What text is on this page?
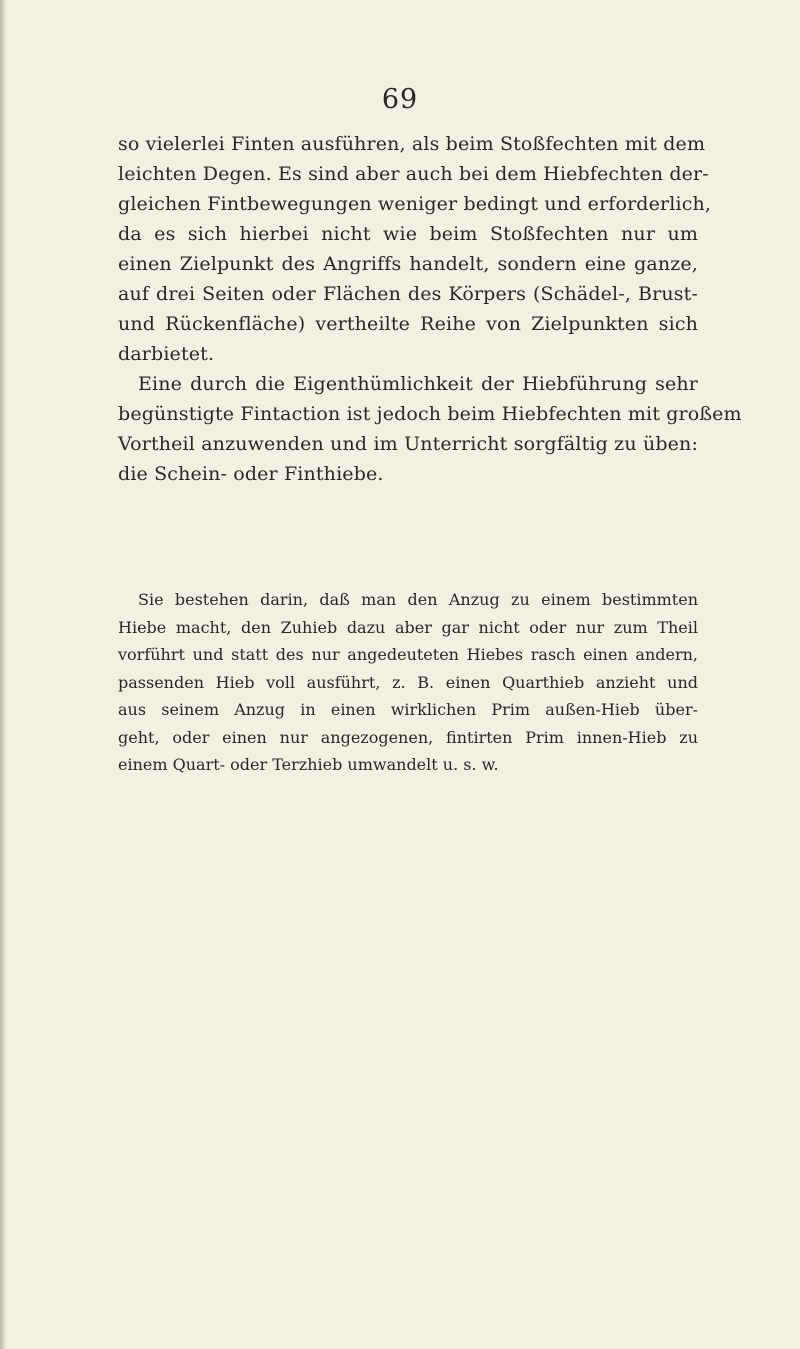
69
so vielerlei Finten ausführen, als beim Stoßfechten mit dem
leichten Degen. Es sind aber auch bei dem Hiebfechten der-
gleichen Fintbewegungen weniger bedingt und erforderlich,
da es sich hierbei nicht wie beim Stoßfechten nur um
einen Zielpunkt des Angriffs handelt, sondern eine ganze,
auf drei Seiten oder Flächen des Körpers (Schädel-, Brust-
und Rückenfläche) vertheilte Reihe von Zielpunkten sich
darbietet.
Eine durch die Eigenthümlichkeit der Hiebführung sehr
begünstigte Fintaction ist jedoch beim Hiebfechten mit großem
Vortheil anzuwenden und im Unterricht sorgfältig zu üben:
die Schein- oder Finthiebe.
Sie bestehen darin, daß man den Anzug zu einem bestimmten
Hiebe macht, den Zuhieb dazu aber gar nicht oder nur zum Theil
vorführt und statt des nur angedeuteten Hiebes rasch einen andern,
passenden Hieb voll ausführt, z. B. einen Quarthieb anzieht und
aus seinem Anzug in einen wirklichen Prim außen-Hieb über-
geht, oder einen nur angezogenen, fintirten Prim innen-Hieb zu
einem Quart- oder Terzhieb umwandelt u. s. w.
